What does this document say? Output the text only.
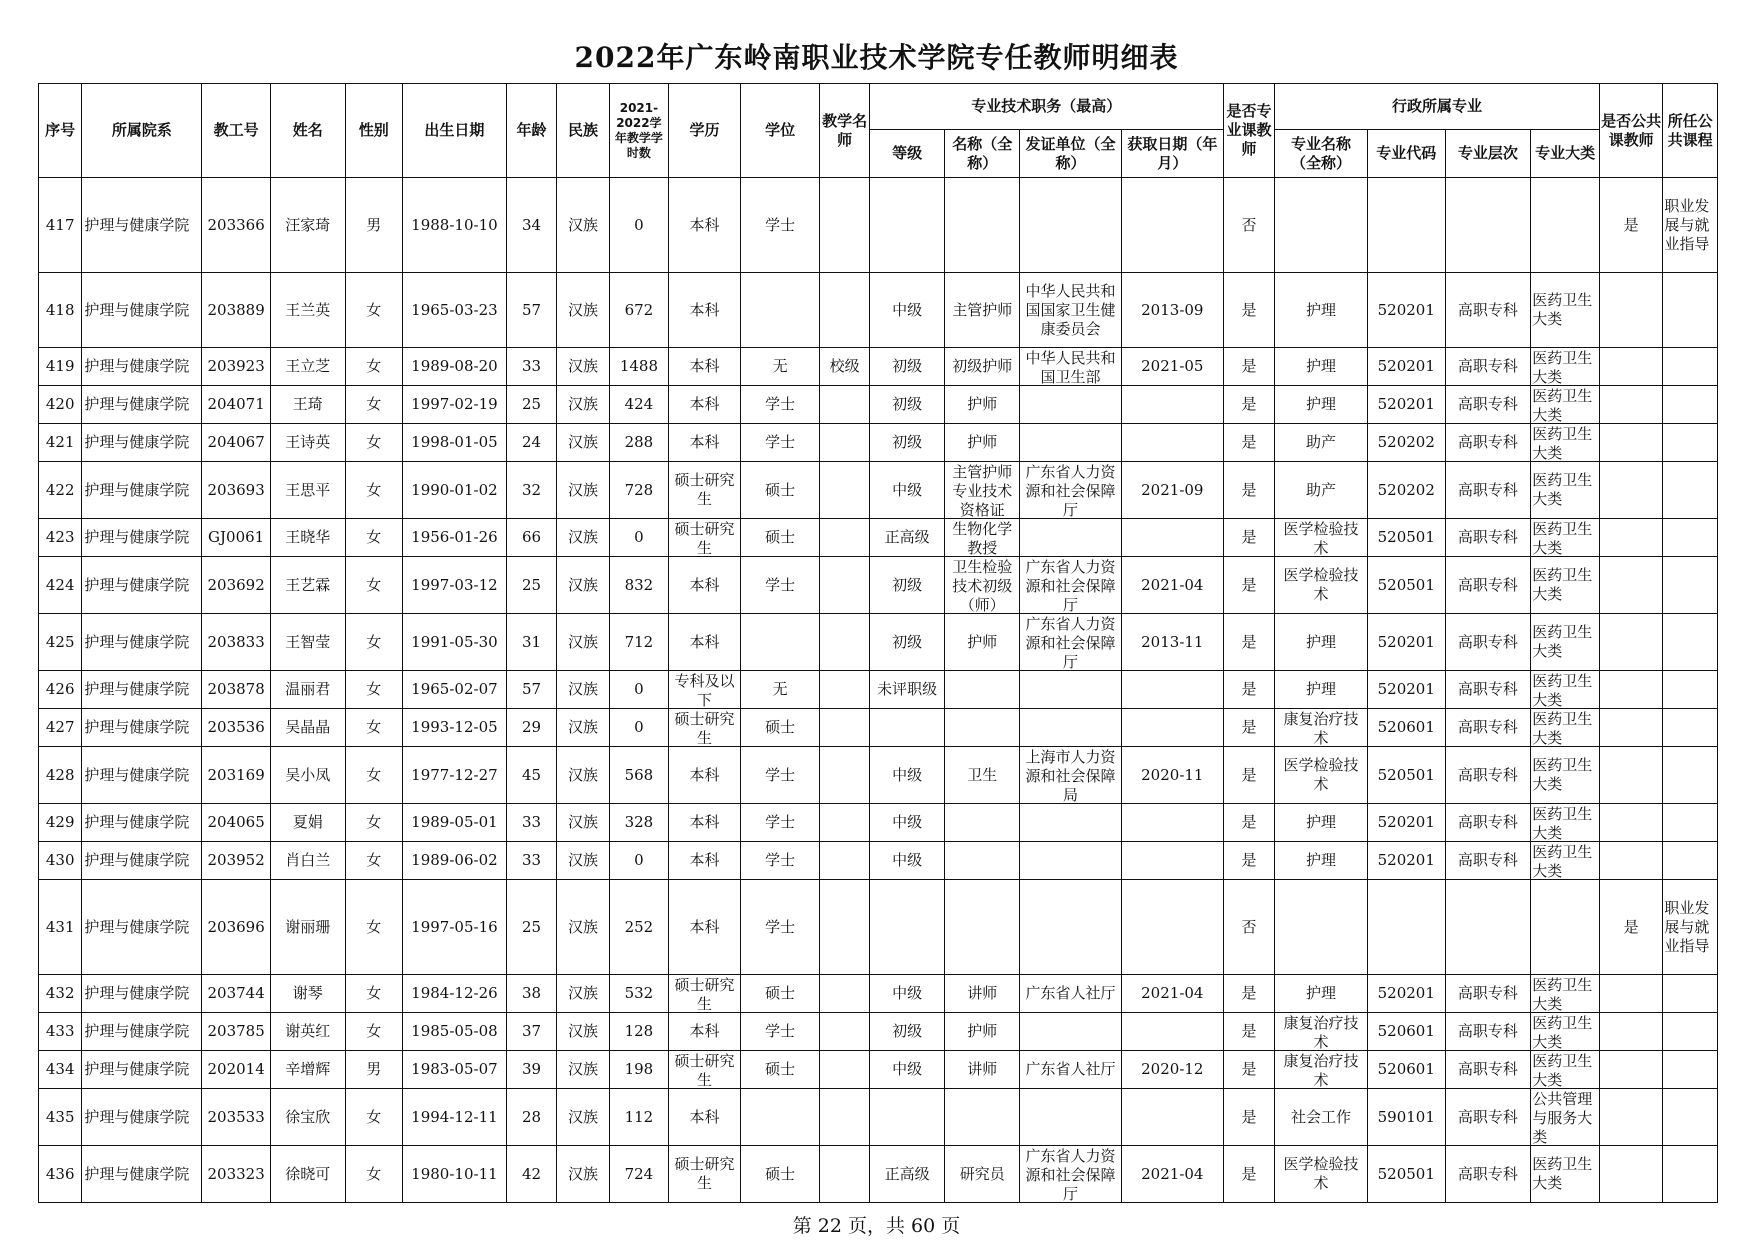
2022年广东岭南职业技术学院专任教师明细表
序号	所属院系	教工号	姓名	性别	出生日期	年龄	民族	2021-2022学年教学学时数	学历	学位	教学名师	专业技术职务（最高）				是否专业课教师	行政所属专业				是否公共课教师	所任公共课程
												等级	名称（全称）	发证单位（全称）	获取日期（年月）		专业名称（全称）	专业代码	专业层次	专业大类		

417	护理与健康学院	203366	汪家琦	男	1988-10-10	34	汉族	0	本科	学士						否					是	职业发展与就业指导

418	护理与健康学院	203889	王兰英	女	1965-03-23	57	汉族	672	本科			中级	主管护师	中华人民共和国国家卫生健康委员会	2013-09	是	护理	520201	高职专科	医药卫生大类		

419	护理与健康学院	203923	王立芝	女	1989-08-20	33	汉族	1488	本科	无	校级	初级	初级护师	中华人民共和国卫生部	2021-05	是	护理	520201	高职专科	医药卫生大类		

420	护理与健康学院	204071	王琦	女	1997-02-19	25	汉族	424	本科	学士		初级	护师			是	护理	520201	高职专科	医药卫生大类		

421	护理与健康学院	204067	王诗英	女	1998-01-05	24	汉族	288	本科	学士		初级	护师			是	助产	520202	高职专科	医药卫生大类		

422	护理与健康学院	203693	王思平	女	1990-01-02	32	汉族	728	硕士研究生	硕士		中级	主管护师专业技术资格证	广东省人力资源和社会保障厅	2021-09	是	助产	520202	高职专科	医药卫生大类		

423	护理与健康学院	GJ0061	王晓华	女	1956-01-26	66	汉族	0	硕士研究生	硕士		正高级	生物化学教授			是	医学检验技术	520501	高职专科	医药卫生大类		

424	护理与健康学院	203692	王艺霖	女	1997-03-12	25	汉族	832	本科	学士		初级	卫生检验技术初级（师）	广东省人力资源和社会保障厅	2021-04	是	医学检验技术	520501	高职专科	医药卫生大类		

425	护理与健康学院	203833	王智莹	女	1991-05-30	31	汉族	712	本科			初级	护师	广东省人力资源和社会保障厅	2013-11	是	护理	520201	高职专科	医药卫生大类		

426	护理与健康学院	203878	温丽君	女	1965-02-07	57	汉族	0	专科及以下	无		未评职级				是	护理	520201	高职专科	医药卫生大类		

427	护理与健康学院	203536	吴晶晶	女	1993-12-05	29	汉族	0	硕士研究生	硕士						是	康复治疗技术	520601	高职专科	医药卫生大类		

428	护理与健康学院	203169	吴小凤	女	1977-12-27	45	汉族	568	本科	学士		中级	卫生	上海市人力资源和社会保障局	2020-11	是	医学检验技术	520501	高职专科	医药卫生大类		

429	护理与健康学院	204065	夏娟	女	1989-05-01	33	汉族	328	本科	学士		中级				是	护理	520201	高职专科	医药卫生大类		

430	护理与健康学院	203952	肖白兰	女	1989-06-02	33	汉族	0	本科	学士		中级				是	护理	520201	高职专科	医药卫生大类		

431	护理与健康学院	203696	谢丽珊	女	1997-05-16	25	汉族	252	本科	学士						否					是	职业发展与就业指导

432	护理与健康学院	203744	谢琴	女	1984-12-26	38	汉族	532	硕士研究生	硕士		中级	讲师	广东省人社厅	2021-04	是	护理	520201	高职专科	医药卫生大类		

433	护理与健康学院	203785	谢英红	女	1985-05-08	37	汉族	128	本科	学士		初级	护师			是	康复治疗技术	520601	高职专科	医药卫生大类		

434	护理与健康学院	202014	辛增辉	男	1983-05-07	39	汉族	198	硕士研究生	硕士		中级	讲师	广东省人社厅	2020-12	是	康复治疗技术	520601	高职专科	医药卫生大类		

435	护理与健康学院	203533	徐宝欣	女	1994-12-11	28	汉族	112	本科							是	社会工作	590101	高职专科	公共管理与服务大类		

436	护理与健康学院	203323	徐晓可	女	1980-10-11	42	汉族	724	硕士研究生	硕士		正高级	研究员	广东省人力资源和社会保障厅	2021-04	是	医学检验技术	520501	高职专科	医药卫生大类		

第 22 页，共 60 页
